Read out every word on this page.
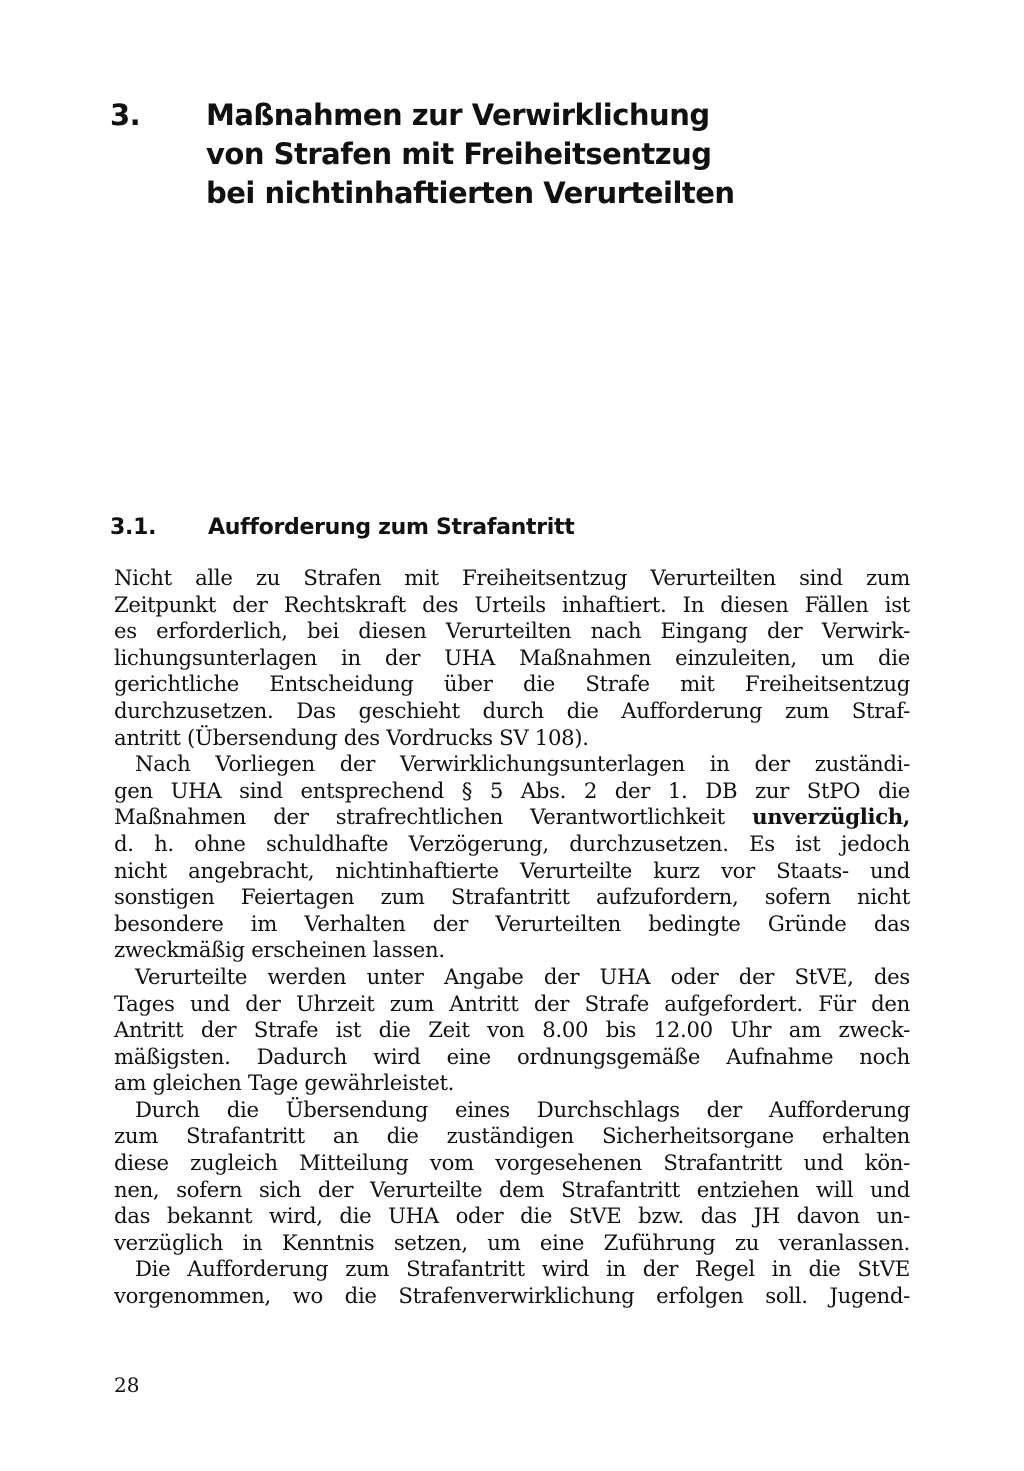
3. Maßnahmen zur Verwirklichung
von Strafen mit Freiheitsentzug
bei nichtinhaftierten Verurteilten
3.1. Aufforderung zum Strafantritt
Nicht alle zu Strafen mit Freiheitsentzug Verurteilten sind zum
Zeitpunkt der Rechtskraft des Urteils inhaftiert. In diesen Fällen ist
es erforderlich, bei diesen Verurteilten nach Eingang der Verwirk-
lichungsunterlagen in der UHA Maßnahmen einzuleiten, um die
gerichtliche Entscheidung über die Strafe mit Freiheitsentzug
durchzusetzen. Das geschieht durch die Aufforderung zum Straf-
antritt (Übersendung des Vordrucks SV 108).
Nach Vorliegen der Verwirklichungsunterlagen in der zuständi-
gen UHA sind entsprechend § 5 Abs. 2 der 1. DB zur StPO die
Maßnahmen der strafrechtlichen Verantwortlichkeit unverzüglich,
d. h. ohne schuldhafte Verzögerung, durchzusetzen. Es ist jedoch
nicht angebracht, nichtinhaftierte Verurteilte kurz vor Staats- und
sonstigen Feiertagen zum Strafantritt aufzufordern, sofern nicht
besondere im Verhalten der Verurteilten bedingte Gründe das
zweckmäßig erscheinen lassen.
Verurteilte werden unter Angabe der UHA oder der StVE, des
Tages und der Uhrzeit zum Antritt der Strafe aufgefordert. Für den
Antritt der Strafe ist die Zeit von 8.00 bis 12.00 Uhr am zweck-
mäßigsten. Dadurch wird eine ordnungsgemäße Aufnahme noch
am gleichen Tage gewährleistet.
Durch die Übersendung eines Durchschlags der Aufforderung
zum Strafantritt an die zuständigen Sicherheitsorgane erhalten
diese zugleich Mitteilung vom vorgesehenen Strafantritt und kön-
nen, sofern sich der Verurteilte dem Strafantritt entziehen will und
das bekannt wird, die UHA oder die StVE bzw. das JH davon un-
verzüglich in Kenntnis setzen, um eine Zuführung zu veranlassen.
Die Aufforderung zum Strafantritt wird in der Regel in die StVE
vorgenommen, wo die Strafenverwirklichung erfolgen soll. Jugend-
28
